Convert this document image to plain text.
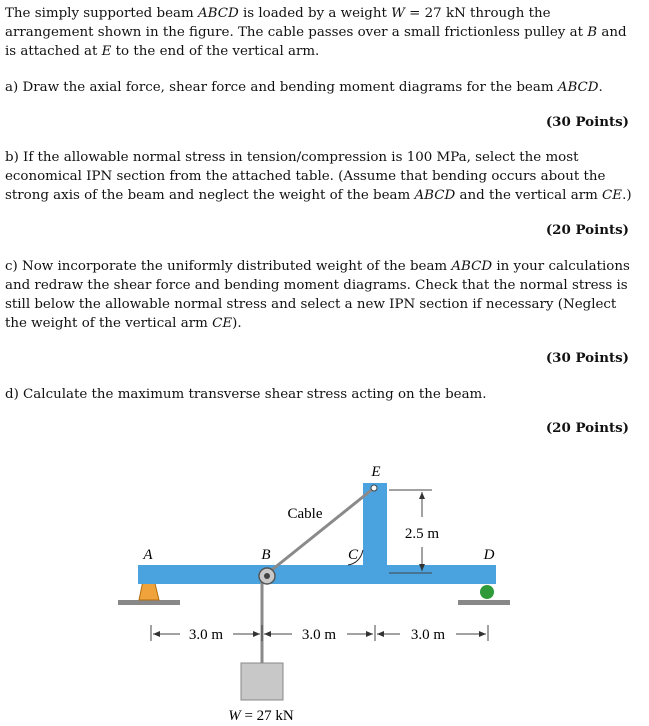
The simply supported beam ABCD is loaded by a weight W = 27 kN through the arrangement shown in the figure. The cable passes over a small frictionless pulley at B and is attached at E to the end of the vertical arm.

a) Draw the axial force, shear force and bending moment diagrams for the beam ABCD.

(30 Points)

b) If the allowable normal stress in tension/compression is 100 MPa, select the most economical IPN section from the attached table. (Assume that bending occurs about the strong axis of the beam and neglect the weight of the beam ABCD and the vertical arm CE.)

(20 Points)

c) Now incorporate the uniformly distributed weight of the beam ABCD in your calculations and redraw the shear force and bending moment diagrams. Check that the normal stress is still below the allowable normal stress and select a new IPN section if necessary (Neglect the weight of the vertical arm CE).

(30 Points)

d) Calculate the maximum transverse shear stress acting on the beam.

(20 Points)
2.5 m
3.0 m	3.0 m	3.0 m
A	B	C	D
E
Cable
W = 27 kN
